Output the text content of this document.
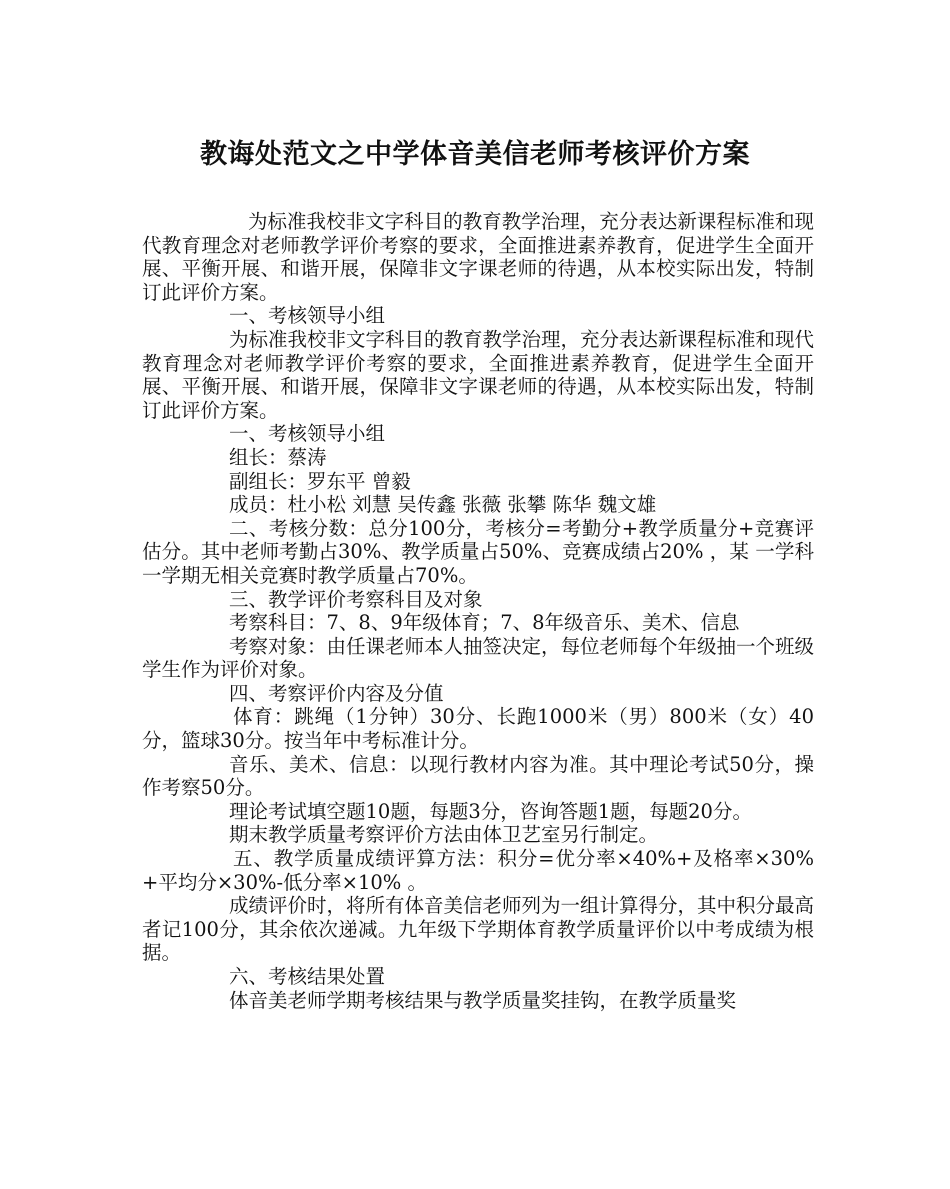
教诲处范文之中学体音美信老师考核评价方案
为标准我校非文字科目的教育教学治理，充分表达新课程标准和现代教育理念对老师教学评价考察的要求，全面推进素养教育，促进学生全面开展、平衡开展、和谐开展，保障非文字课老师的待遇，从本校实际出发，特制订此评价方案。
一、考核领导小组
为标准我校非文字科目的教育教学治理，充分表达新课程标准和现代教育理念对老师教学评价考察的要求，全面推进素养教育，促进学生全面开展、平衡开展、和谐开展，保障非文字课老师的待遇，从本校实际出发，特制订此评价方案。
一、考核领导小组
组长：蔡涛
副组长：罗东平 曾毅
成员：杜小松 刘慧 吴传鑫 张薇 张攀 陈华 魏文雄
二、考核分数：总分100分，考核分=考勤分+教学质量分+竞赛评估分。其中老师考勤占30%、教学质量占50%、竞赛成绩占20% ，某 一学科一学期无相关竞赛时教学质量占70%。
三、教学评价考察科目及对象
考察科目：7、8、9年级体育；7、8年级音乐、美术、信息
考察对象：由任课老师本人抽签决定，每位老师每个年级抽一个班级学生作为评价对象。
四、考察评价内容及分值
体育：跳绳（1分钟）30分、长跑1000米（男）800米（女）40分，篮球30分。按当年中考标准计分。
音乐、美术、信息：以现行教材内容为准。其中理论考试50分，操作考察50分。
理论考试填空题10题，每题3分，咨询答题1题，每题20分。
期末教学质量考察评价方法由体卫艺室另行制定。
五、教学质量成绩评算方法：积分=优分率×40%+及格率×30%+平均分×30%-低分率×10% 。
成绩评价时，将所有体音美信老师列为一组计算得分，其中积分最高者记100分，其余依次递减。九年级下学期体育教学质量评价以中考成绩为根据。
六、考核结果处置
体音美老师学期考核结果与教学质量奖挂钩，在教学质量奖
